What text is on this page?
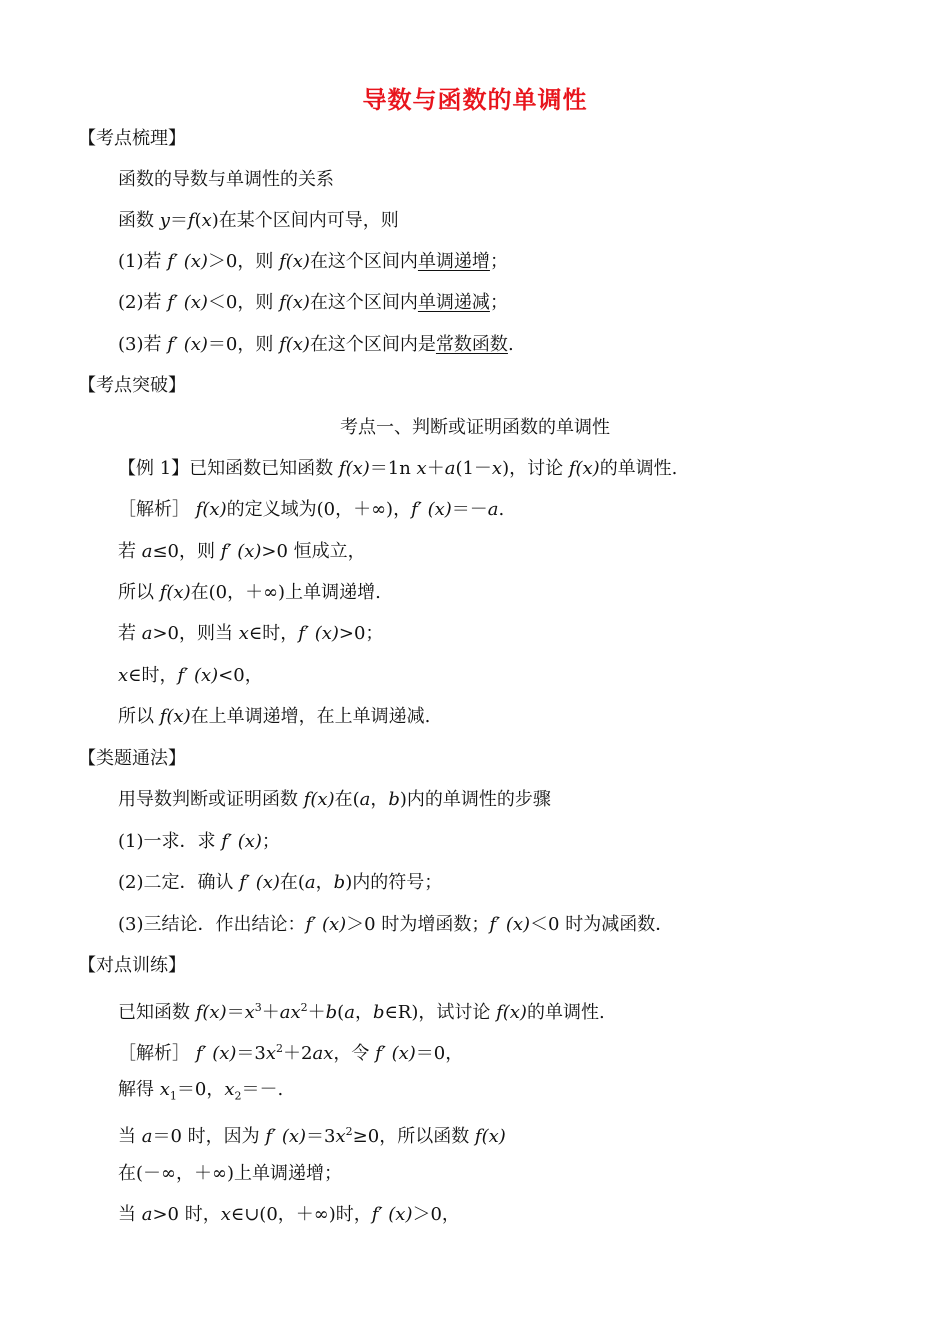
导数与函数的单调性
【考点梳理】
函数的导数与单调性的关系
函数 y＝f(x)在某个区间内可导，则
(1)若 f′ (x)＞0，则 f(x)在这个区间内单调递增；
(2)若 f′ (x)＜0，则 f(x)在这个区间内单调递减；
(3)若 f′ (x)＝0，则 f(x)在这个区间内是常数函数.
【考点突破】
考点一、判断或证明函数的单调性
【例 1】已知函数已知函数 f(x)＝1n x＋a(1－x)，讨论 f(x)的单调性.
［解析］ f(x)的定义域为(0，＋∞)，f′ (x)＝－a.
若 a≤0，则 f′ (x)>0 恒成立，
所以 f(x)在(0，＋∞)上单调递增.
若 a>0，则当 x∈时，f′ (x)>0；
x∈时，f′ (x)<0，
所以 f(x)在上单调递增，在上单调递减.
【类题通法】
用导数判断或证明函数 f(x)在(a，b)内的单调性的步骤
(1)一求．求 f′ (x)；
(2)二定．确认 f′ (x)在(a，b)内的符号；
(3)三结论．作出结论：f′ (x)＞0 时为增函数；f′ (x)＜0 时为减函数．
【对点训练】
已知函数 $f(x)=x^3+ax^2+b(a$，b∈R)，试讨论 f(x)的单调性.
［解析］ f′ $(x)=3x^2+2ax$，令 f′ (x)＝0，
解得 $x_1=0$，$x_2=-$.
当 a＝0 时，因为 f′ $(x)=3x^2\ge 0$，所以函数 f(x)
在(－∞，＋∞)上单调递增；
当 a>0 时，x∈∪(0，＋∞)时，f′ (x)＞0，
